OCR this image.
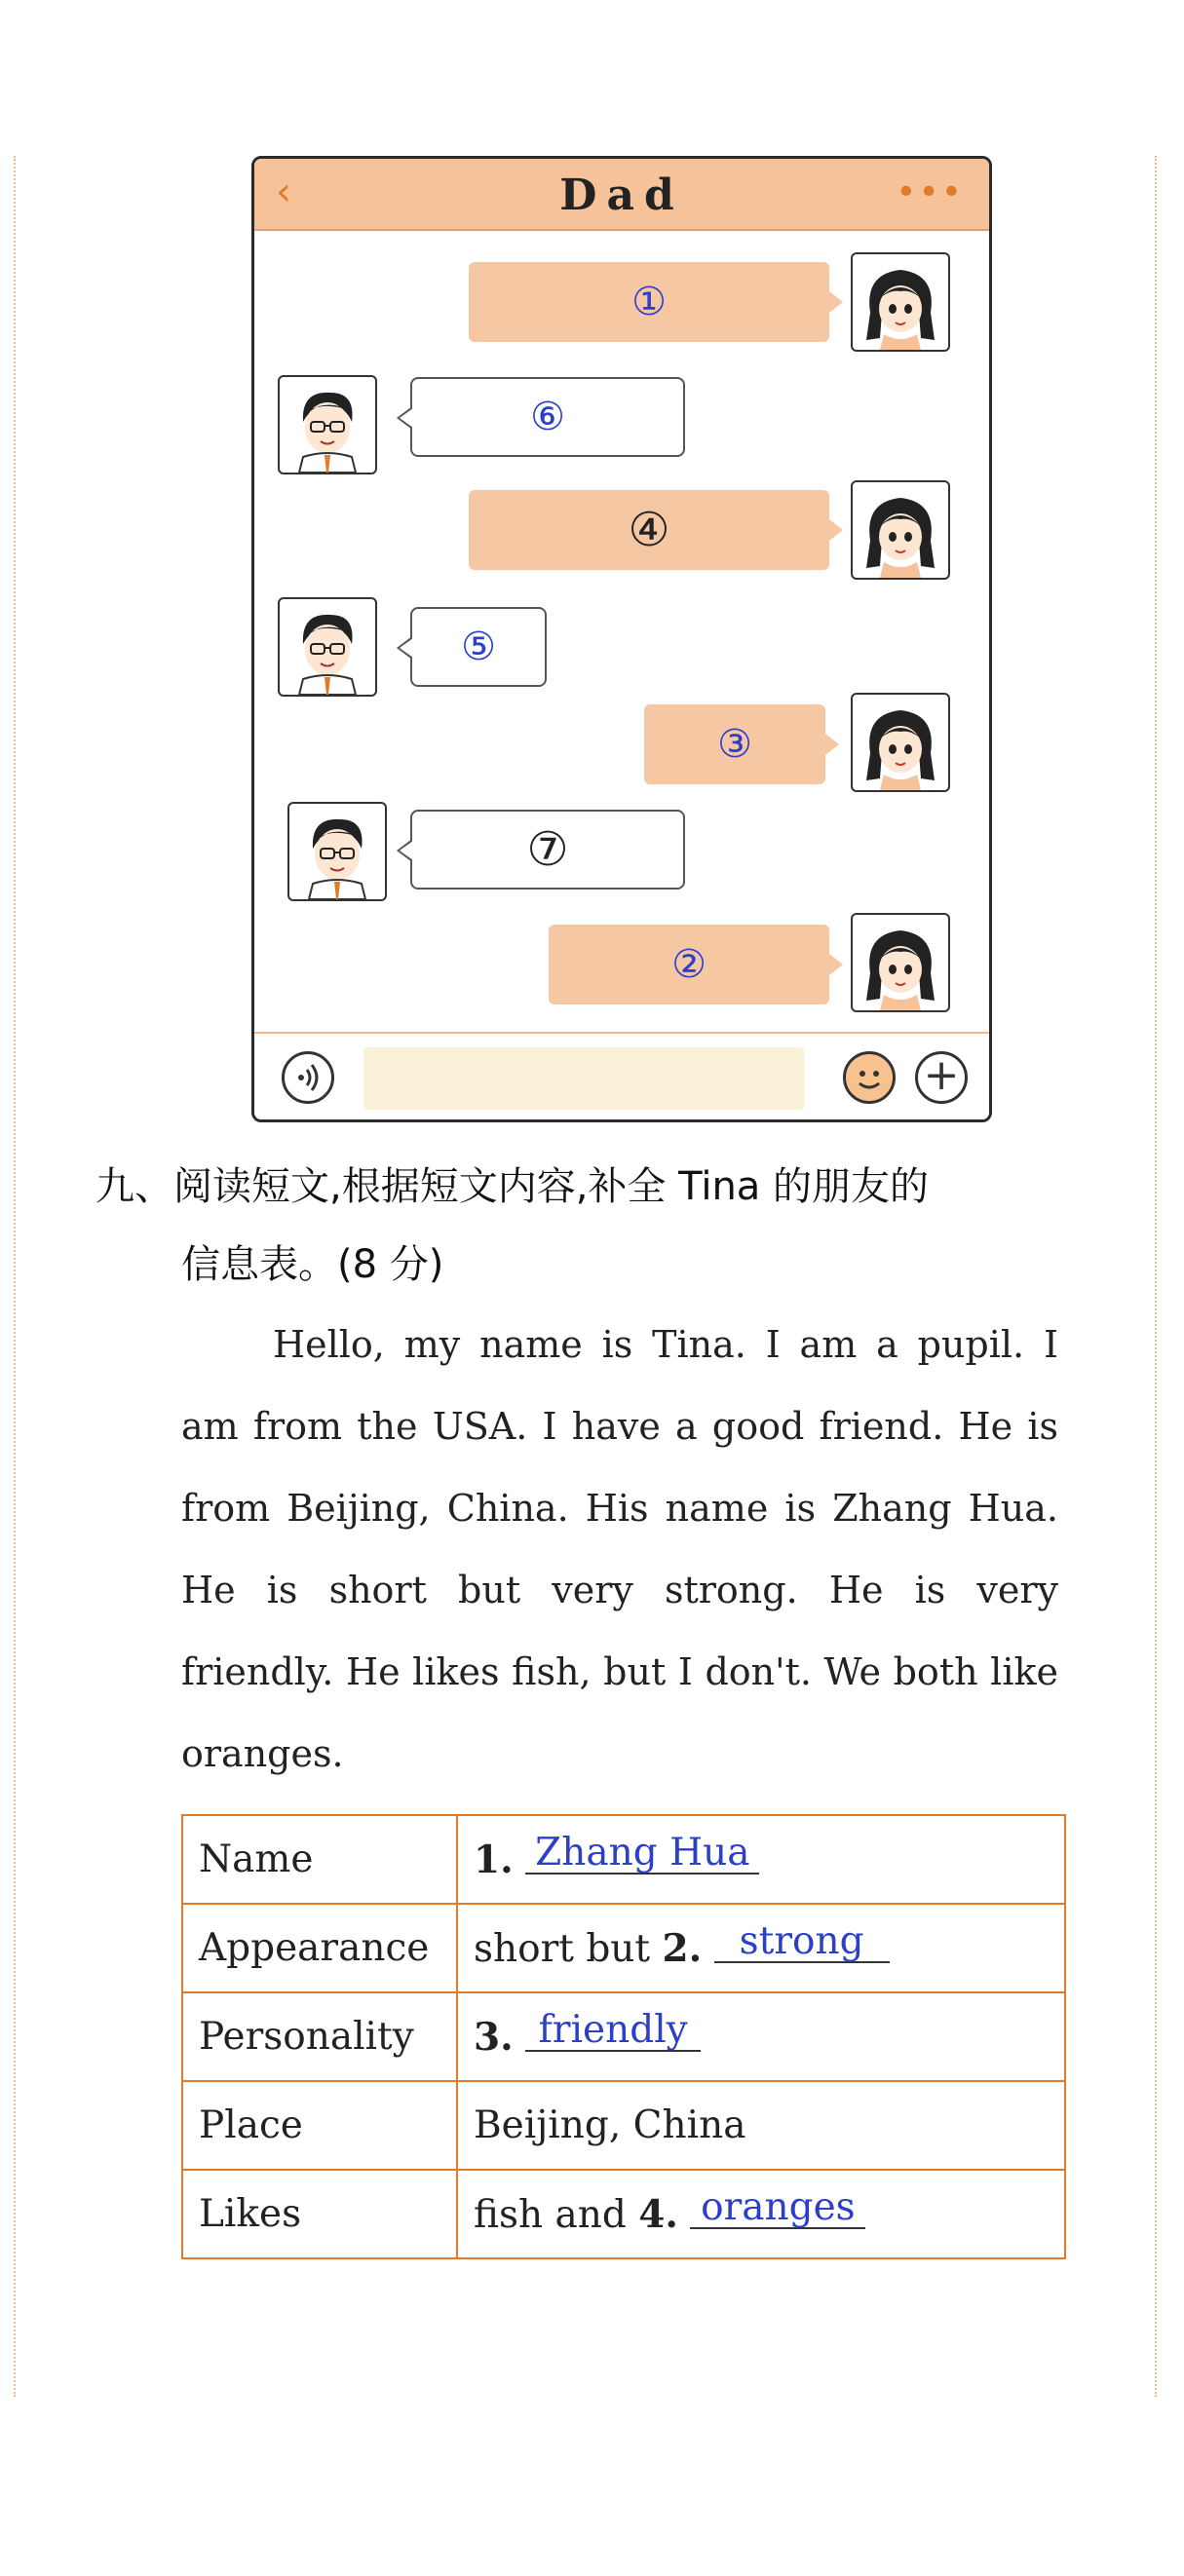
‹	Dad	•••
①
⑥
④
⑤
③
⑦
②
+
九、阅读短文,根据短文内容,补全 Tina 的朋友的
信息表。(8 分)
Hello, my name is Tina. I am a pupil. I am from the USA. I have a good friend. He is from Beijing, China. His name is Zhang Hua. He is short but very strong. He is very friendly. He likes fish, but I don't. We both like oranges.
Name	1. Zhang Hua
Appearance	short but 2. strong
Personality	3. friendly
Place	Beijing, China
Likes	fish and 4. oranges
